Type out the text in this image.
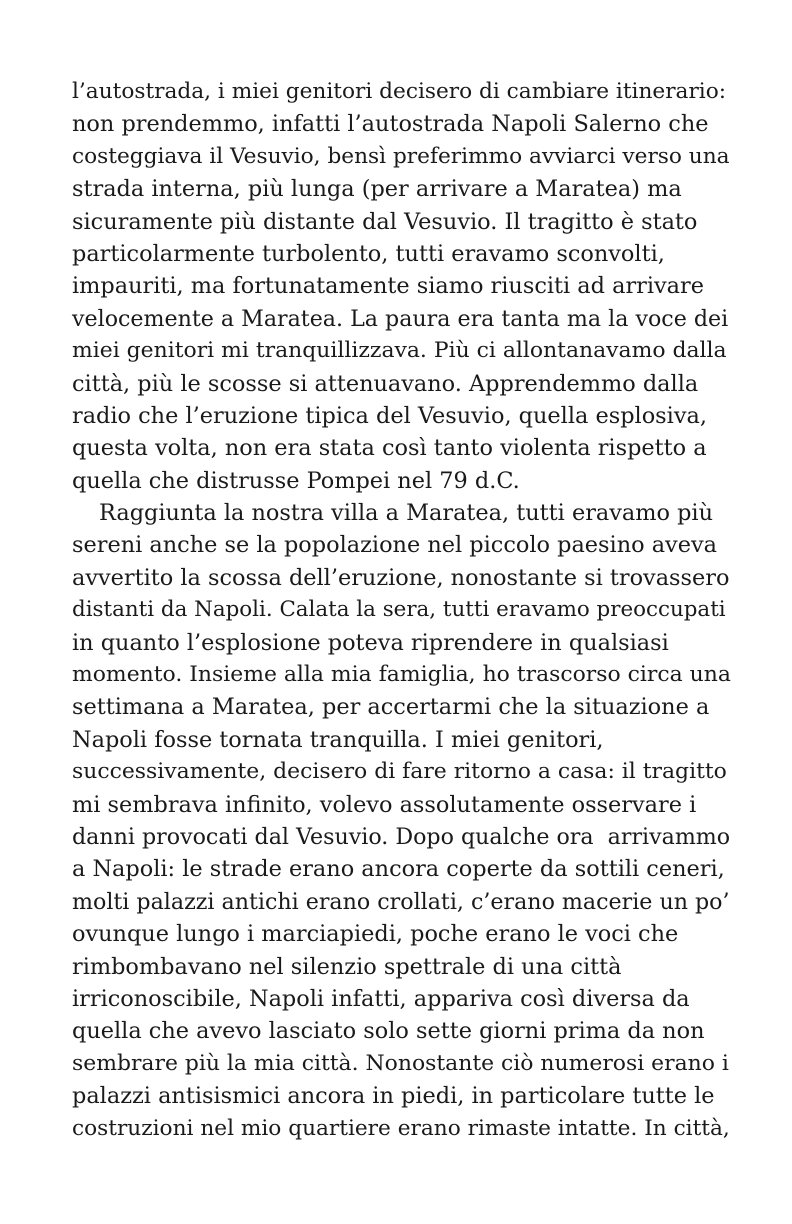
l’autostrada, i miei genitori decisero di cambiare itinerario:
non prendemmo, infatti l’autostrada Napoli Salerno che
costeggiava il Vesuvio, bensì preferimmo avviarci verso una
strada interna, più lunga (per arrivare a Maratea) ma
sicuramente più distante dal Vesuvio. Il tragitto è stato
particolarmente turbolento, tutti eravamo sconvolti,
impauriti, ma fortunatamente siamo riusciti ad arrivare
velocemente a Maratea. La paura era tanta ma la voce dei
miei genitori mi tranquillizzava. Più ci allontanavamo dalla
città, più le scosse si attenuavano. Apprendemmo dalla
radio che l’eruzione tipica del Vesuvio, quella esplosiva,
questa volta, non era stata così tanto violenta rispetto a
quella che distrusse Pompei nel 79 d.C.
Raggiunta la nostra villa a Maratea, tutti eravamo più
sereni anche se la popolazione nel piccolo paesino aveva
avvertito la scossa dell’eruzione, nonostante si trovassero
distanti da Napoli. Calata la sera, tutti eravamo preoccupati
in quanto l’esplosione poteva riprendere in qualsiasi
momento. Insieme alla mia famiglia, ho trascorso circa una
settimana a Maratea, per accertarmi che la situazione a
Napoli fosse tornata tranquilla. I miei genitori,
successivamente, decisero di fare ritorno a casa: il tragitto
mi sembrava infinito, volevo assolutamente osservare i
danni provocati dal Vesuvio. Dopo qualche ora  arrivammo
a Napoli: le strade erano ancora coperte da sottili ceneri,
molti palazzi antichi erano crollati, c’erano macerie un po’
ovunque lungo i marciapiedi, poche erano le voci che
rimbombavano nel silenzio spettrale di una città
irriconoscibile, Napoli infatti, appariva così diversa da
quella che avevo lasciato solo sette giorni prima da non
sembrare più la mia città. Nonostante ciò numerosi erano i
palazzi antisismici ancora in piedi, in particolare tutte le
costruzioni nel mio quartiere erano rimaste intatte. In città,
